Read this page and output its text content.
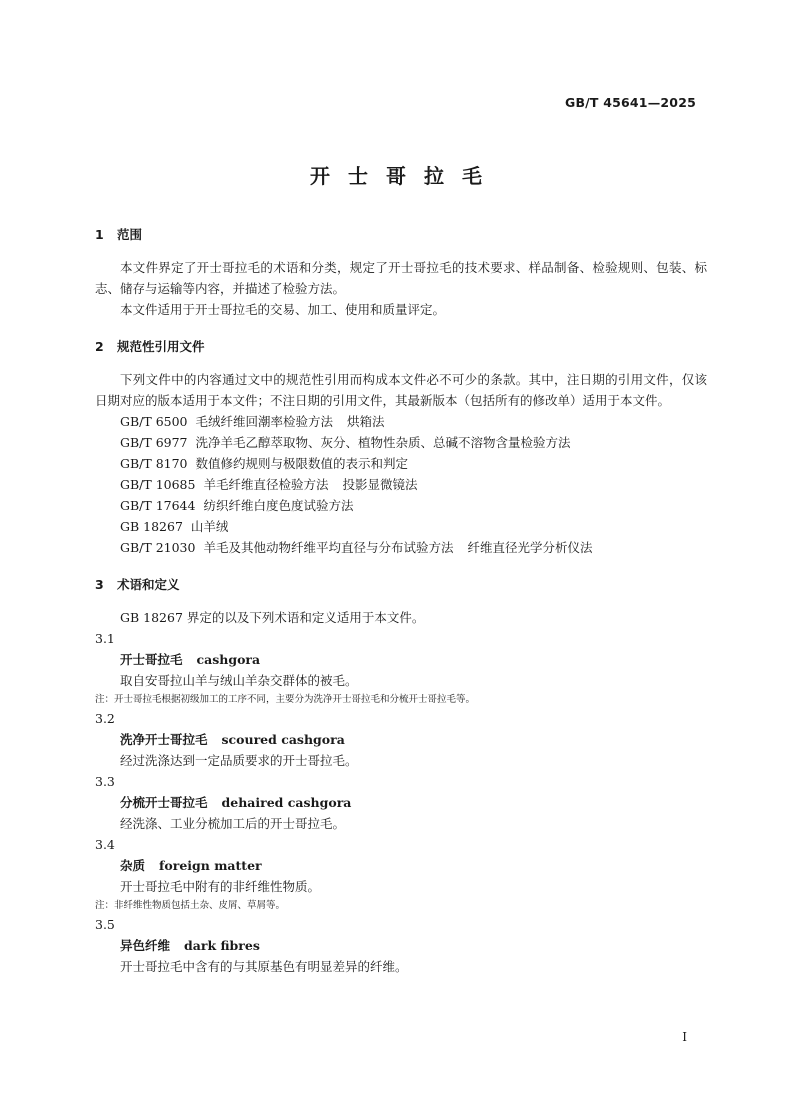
GB/T 45641—2025
开士哥拉毛
1 范围

本文件界定了开士哥拉毛的术语和分类，规定了开士哥拉毛的技术要求、样品制备、检验规则、包装、标志、储存与运输等内容，并描述了检验方法。

本文件适用于开士哥拉毛的交易、加工、使用和质量评定。

2 规范性引用文件

下列文件中的内容通过文中的规范性引用而构成本文件必不可少的条款。其中，注日期的引用文件，仅该日期对应的版本适用于本文件；不注日期的引用文件，其最新版本（包括所有的修改单）适用于本文件。

GB/T 6500 毛绒纤维回潮率检验方法 烘箱法
GB/T 6977 洗净羊毛乙醇萃取物、灰分、植物性杂质、总碱不溶物含量检验方法
GB/T 8170 数值修约规则与极限数值的表示和判定
GB/T 10685 羊毛纤维直径检验方法 投影显微镜法
GB/T 17644 纺织纤维白度色度试验方法
GB 18267 山羊绒
GB/T 21030 羊毛及其他动物纤维平均直径与分布试验方法 纤维直径光学分析仪法
3 术语和定义

GB 18267 界定的以及下列术语和定义适用于本文件。

3.1
开士哥拉毛 cashgora
取自安哥拉山羊与绒山羊杂交群体的被毛。
注：开士哥拉毛根据初级加工的工序不同，主要分为洗净开士哥拉毛和分梳开士哥拉毛等。
3.2
洗净开士哥拉毛 scoured cashgora
经过洗涤达到一定品质要求的开士哥拉毛。
3.3
分梳开士哥拉毛 dehaired cashgora
经洗涤、工业分梳加工后的开士哥拉毛。
3.4
杂质 foreign matter
开士哥拉毛中附有的非纤维性物质。
注：非纤维性物质包括土杂、皮屑、草屑等。
3.5
异色纤维 dark fibres
开士哥拉毛中含有的与其原基色有明显差异的纤维。
I
